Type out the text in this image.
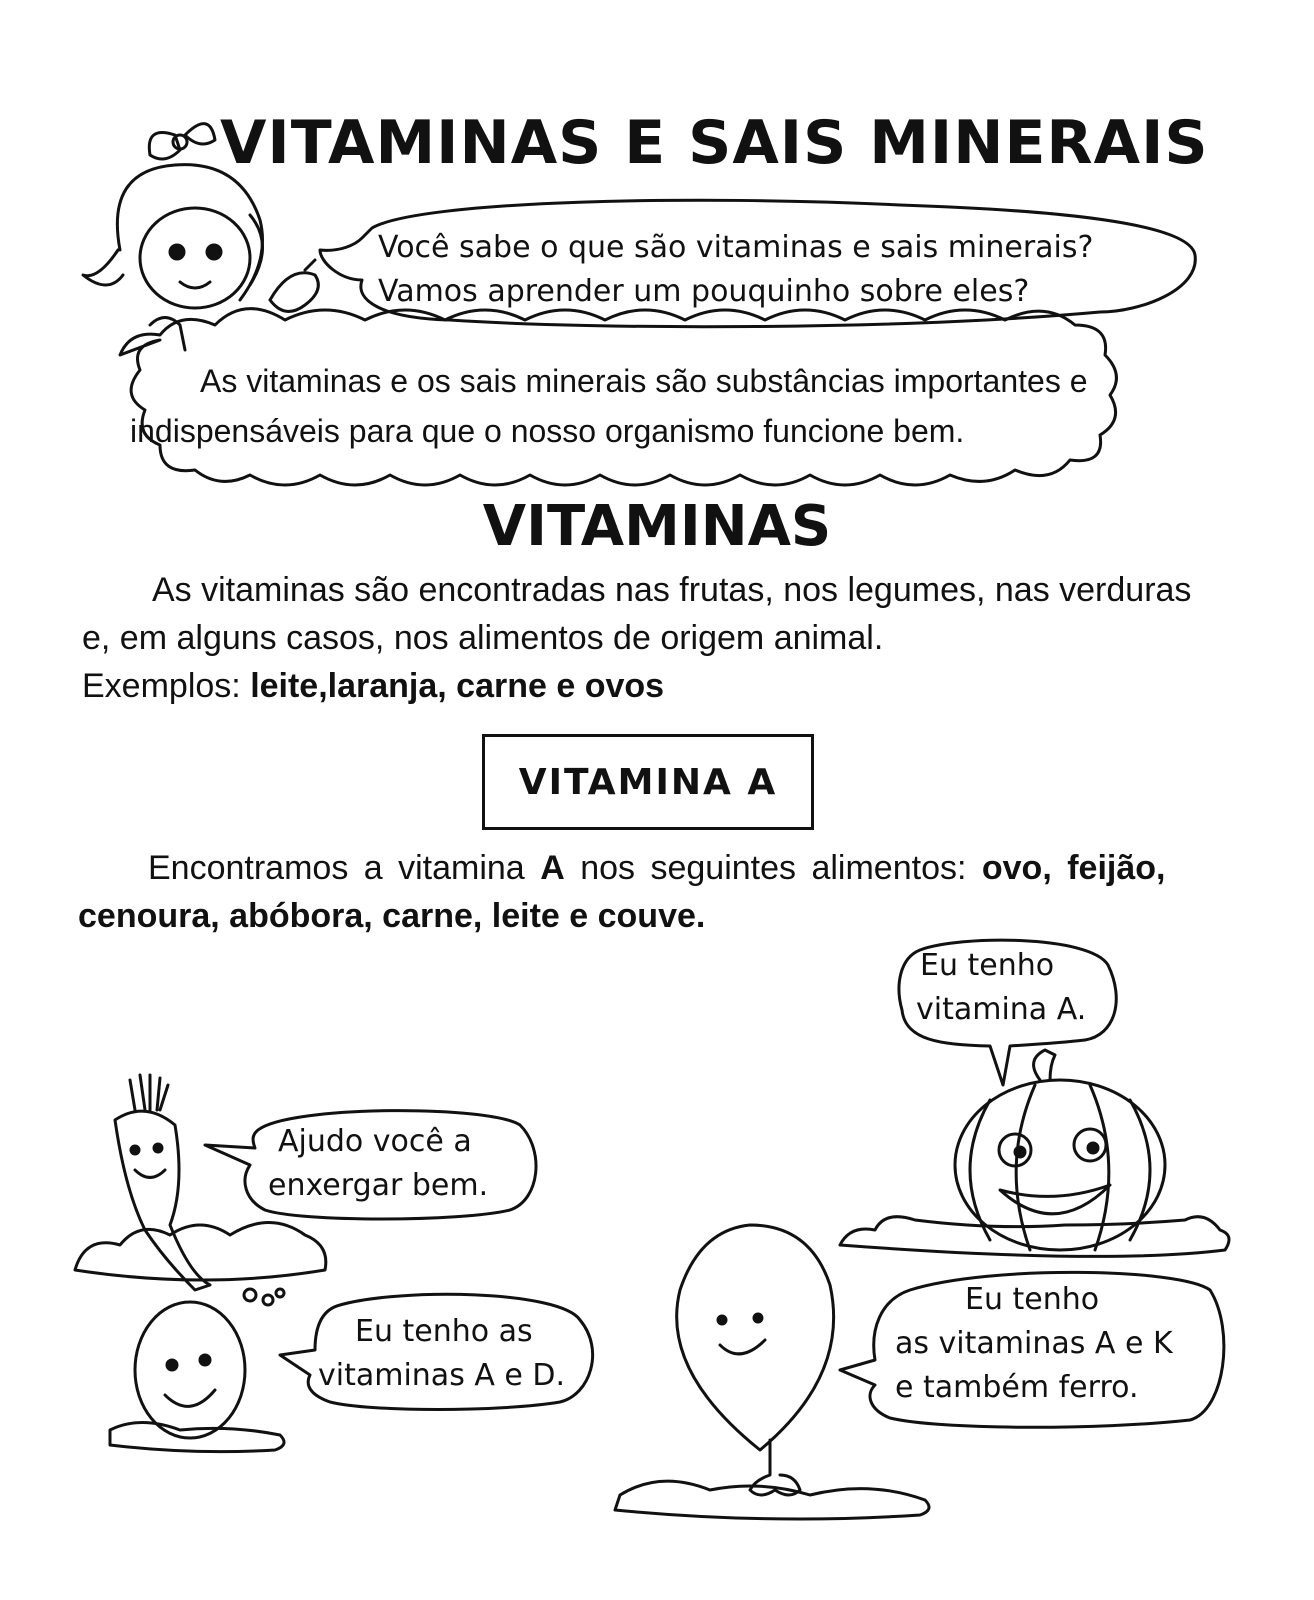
VITAMINAS E SAIS MINERAIS
Você sabe o que são vitaminas e sais minerais?
Vamos aprender um pouquinho sobre eles?
As vitaminas e os sais minerais são substâncias importantes e
indispensáveis para que o nosso organismo funcione bem.
VITAMINAS
As vitaminas são encontradas nas frutas, nos legumes, nas verduras
e, em alguns casos, nos alimentos de origem animal.
Exemplos: leite,laranja, carne e ovos
VITAMINA A
Encontramos a vitamina A nos seguintes alimentos: ovo, feijão,
cenoura, abóbora, carne, leite e couve.
Eu tenho
vitamina A.
Ajudo você a
enxergar bem.
Eu tenho as
vitaminas A e D.
Eu tenho
as vitaminas A e K
e também ferro.
